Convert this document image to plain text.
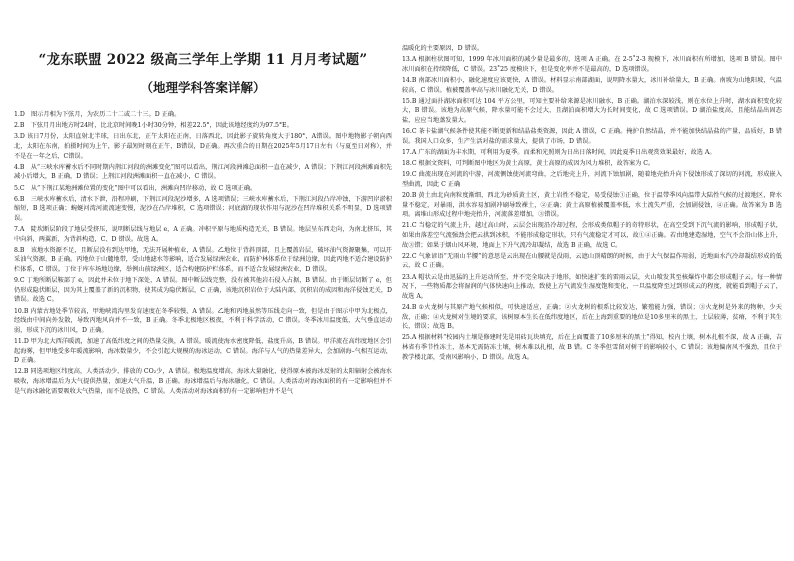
“龙东联盟 2022 级高三学年上学期 11 月月考试题”
（地理学科答案详解）

1.D　图示月相为下弦月，为农历二十二或二十三。D 正确。

2.B　下弦月月出地方时24时，比北京时间晚1小时30分钟，相差22.5°，因此该地经度约为97.5°E。

3.D 该日7月份，太阳直射北半球，日出东北，正午太阳在正南，日落西北，因此影子旋转角度大于180°，A错误。图中地物影子朝向西北，太阳在东南，拍摄时间为上午，影子最短时刻在正午，B错误，D正确。再次重合的日期在2025年5月17日左右（与夏至日对称），并不是在一年之后，C错误。

4.B　从“三峡水库蓄水后不同时期内荆江河段的洲滩变化”图可以看出，荆江河段洲滩总面积一直在减少，A 错误；下荆江河段洲滩面积先减小后增大，B 正确，D 错误；上荆江河段洲滩面积一直在减小，C 错误。

5.C　从“下荆江某地洲滩位置的变化”图中可以看出，洲滩向凹岸移动，故 C 选项正确。

6.B　三峡水库蓄水后，清水下泄，沿程冲刷，下荆江河段泥沙增多，A 选项错误；三峡水库蓄水后，下荆江河段凸岸冲蚀，下游凹岸淤积缩短，B 选项正确；蜿蜒河湾河流流速变慢，泥沙在凸岸堆积，C 选项错误；河底湖的现状作用与泥沙在凹岸堆积关系不明显，D 选项错误。

7.A　陡坎断层阶段了地层受挤压，说明断层线与地层 e，A 正确。冲积平原与地质构造无关，B 错误。地层呈东西走向，为南北挤压，其中向斜，两翼新，为背斜构造，C、D 错误。故选 A。

8.B　该地水资源不足，且断层没有到达甲地，无法开展种植业，A 错误。乙地位于背斜顶部，且上覆盖岩层，破坏油气资源聚集，可以开采油气资源，B 正确。丙地位于山麓地带，受山地滤水等影响，适合发展绿洲农业，而防护林体系位于绿洲边缘，因此丙地不适合建设防护栏体系，C 错误。丁位于库车场地边缘，举例山前绿洲区，适合构建防护栏体系，而不适合发展绿洲农业，D 错误。

9.C 丁地所断层鞍部了 e，因此并未位于地下深处，A 错误。图中断层线完整，没有被其他岩石侵入占据，B 错误。由于断层切断了 e，但仍形成隐伏断层，因为其上覆盖了新的沉积物，使其成为隐伏断层，C 正确，该地沉积岩位于大陆内部，沉积岩的成因和海洋侵蚀无关，D 错误。故选 C。

10.B 内蒙古地处季节较高，甲地峡湾沟里发育速度在冬季较慢，A 错误。乙地和丙地虽然等压线走向一致，但是由于图示中甲为北极点，经线由中间向外发散，导致丙地风向并不一致，B 正确。冬季北极地区极夜，不利于科学活动，C 错误。冬季冰川温度低，大气垂直运动弱，形成下沉的冰川风，D 正确。

11.D 甲为北大西洋暖流，加速了高低纬度之间的热量交换，A 错误。暖流使海水密度降低，盐度升高，B 错误。甲洋流在高纬度地区会引起海雾，但甲地受多年暖流影响，海冰数量少，不会引起大规模的海冰运动，C 错误。海洋与人气的热量差异大，会加剧海–气相互运动，D 正确。

12.B 同选项地区纬度高，人类活动少，排放的 CO₂少，A 错误。极地温度增高，海冰大量融化，使得原本被海冰反射的太阳辐射会被海水吸收，海冰增温后为大气提供热量，加速大气升温，B 正确。海冰增温后与海冰融化，C 错误。人类活动对海冰面积的有一定影响但并不是气海冰融化需要吸收大气热量，而不是放热，C 错误。人类活动对海冰面积的有一定影响但并不是气

温暖化的主要原因，D 错误。

13.A 根据柱状图可知，1999 年冰川面积的减少量是最多的，选项 A 正确。在 2-5˚2-3 现模下，冰川面积有所增加，选项 B 错误。图中冰川面积在持续降低，C 错误。23˚25 度模块下，但是变化率并不是最高的，D 选项错误。

14.B 南部冰川面积小，融化速度应该更快，A 错误。材料显示南部湖面，说明降水量大，冰川补给量大，B 正确。南坡为山地阳坡，气温较高，C 错误。植被覆盖率高与冰川融化无关，D 错误。

15.B 通过面扑湖冰面积可达 104 平方公里，可知主要补给来源是冰川融水，B 正确。湖泊水深较浅，则在水位上升时，湖水面积变化较大，B 错误。该地为高原气候，降水量可能不会过大，且湖泊面积增大为长时间变化，故 C 选项错误。D 湖泊盐度高，且能结晶出固态盐，应应当地蒸发量大。

16.C 茶卡盐湖气候条件使其能不断更新和结晶盐类资源，因此 A 错误，C 正确。掩护自然结晶，并不能加快结晶盐的产量，品质好，B 错误。我国人口众多，生产生活对盐的需求量大，提供了市场，D 错误。

17.A 广东的湖面为丰水期，可利用为夏季。而柔和光照则为日出日落时间，因此夏季日出观赏效果最好，故选 A。

18.C 根据文资料，可判断图中地区为黄土高原，黄土高原的成因为风力堆积，故答案为 C。

19.C 曲流出现在河流的中游，河流侧蚀使河流弯曲，之后地壳上升，河流下蚀加剧，随着地壳抬升向下侵蚀形成了深切的河流，形成嵌入型曲流，因此 C 正确

20.B 黄土由北向南粒度渐细，西北为砂质黄土区，黄土岩性不稳定，易受侵蚀①正确，位于温带季风向温带大陆性气候的过渡地区，降水量不稳定，对暴雨，洪水容易加剧冲刷导致裸土，②正确；黄土高原植被覆盖率低，水土流失严重，会加剧侵蚀，④正确。故答案为 B 选项。离堆山形成过程中地壳抬升，河流落差增加，③错误。

21.C 当稳定的气流上升，越过高山时，云层会出现沿冷却过程，会形成类似帽子的奇特形状，在高空受到下沉气流的影响，形成帽子状，如果由落差空气流强劲会把云拱到冰积，不能形成稳定形状，只有气流稳定才可以，故①④正确。若由地建造湿地，空气不会沿山体上升，故③错；如果于烟山风环境，地面上下升气流冷却凝结，故选 B 正确，故选 C。

22.C 气象谚语“无雨山半腰”的意思是云出现在山腰就是没雨，云遮山顶晴朗的时候，由于大气保温作用弱，近地面水汽冷却凝结形成的低云，故 C 正确。

23.A 帽状云是由迅猛的上升运动所至，并不完全取决于地形，如快速扩张的雷雨云层，火山喷发其至核爆炸中都会形成帽子云。每一种情况下，一些物质都会将湿润的气体快速向上推动，致使上方气流发生湿度饱和变化，一旦温度降至过到形成云的程度，就能看到帽子云了，故选 A。

24.B ①火龙树与其原产地气候相似，可快速适应，正确；②火龙树的根系比较发达，繁殖能力强，错误；③火龙树是外来的物种，少天敌，正确；④火龙树对生境的要求，该树原本生长在低纬度地区，后在上海到重要的地位是10多里米的黑土，土层较薄，贫瘠，不利于其生长，错误；故选 B。

25.A 根据材料“校园内土壤是修建时先是用砖瓦块填充，后在上面覆盖了10多厘米的黑土”得知，校内土壤，树木扎根不深，故 A 正确，吉林省有季节性冻土，基本无需防冻土壤，树木难以扎根，故 B 错。C 冬季但雪留对树干的影响较小，C 错误；该地偏南风不强劲，且位于教学楼北部，受南风影响小，D 错误。故选 A。
